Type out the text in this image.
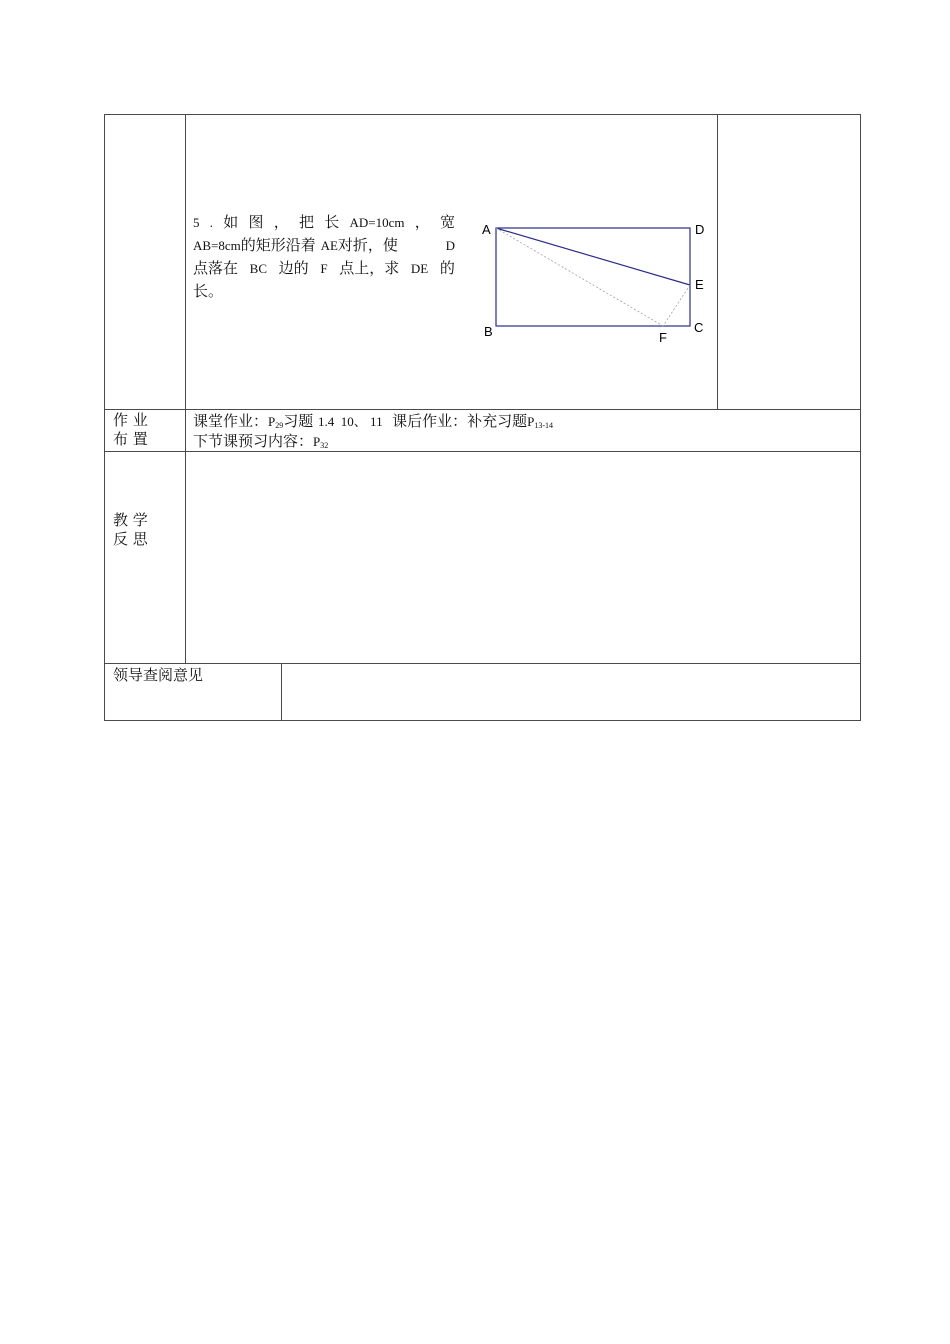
5 . 如 图 ， 把 长 AD=10cm ， 宽
AB=8cm的矩形沿着 AE对折，使	D
点落在 BC 边的 F 点上，求 DE 的
长。
A	D
E
B	C
F
作 业
布 置
课堂作业：$P_{29}$习题 1.4  10、 11 课后作业：补充习题$P_{13-14}$
下节课预习内容：$P_{32}$
教 学
反 思
领导查阅意见
